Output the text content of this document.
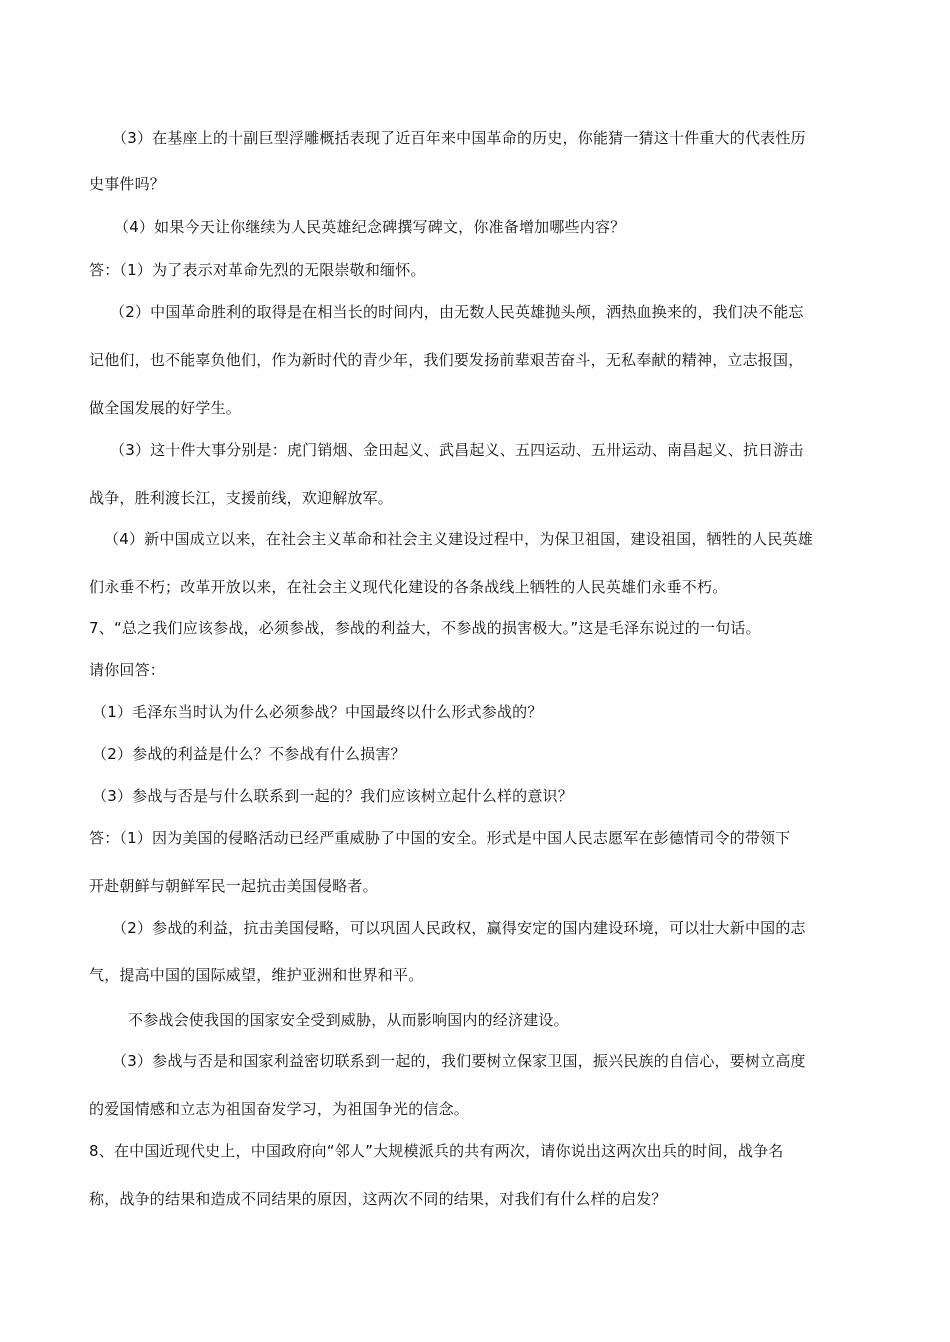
（3）在基座上的十副巨型浮雕概括表现了近百年来中国革命的历史，你能猜一猜这十件重大的代表性历
史事件吗？
（4）如果今天让你继续为人民英雄纪念碑撰写碑文，你准备增加哪些内容？
答：（1）为了表示对革命先烈的无限崇敬和缅怀。
（2）中国革命胜利的取得是在相当长的时间内，由无数人民英雄抛头颅，洒热血换来的，我们决不能忘
记他们，也不能辜负他们，作为新时代的青少年，我们要发扬前辈艰苦奋斗，无私奉献的精神，立志报国，
做全国发展的好学生。
（3）这十件大事分别是：虎门销烟、金田起义、武昌起义、五四运动、五卅运动、南昌起义、抗日游击
战争，胜利渡长江，支援前线，欢迎解放军。
（4）新中国成立以来，在社会主义革命和社会主义建设过程中，为保卫祖国，建设祖国，牺牲的人民英雄
们永垂不朽；改革开放以来，在社会主义现代化建设的各条战线上牺牲的人民英雄们永垂不朽。
7、“总之我们应该参战，必须参战，参战的利益大，不参战的损害极大。”这是毛泽东说过的一句话。
请你回答：
（1）毛泽东当时认为什么必须参战？中国最终以什么形式参战的？
（2）参战的利益是什么？不参战有什么损害？
（3）参战与否是与什么联系到一起的？我们应该树立起什么样的意识？
答：（1）因为美国的侵略活动已经严重威胁了中国的安全。形式是中国人民志愿军在彭德情司令的带领下
开赴朝鲜与朝鲜军民一起抗击美国侵略者。
（2）参战的利益，抗击美国侵略，可以巩固人民政权，赢得安定的国内建设环境，可以壮大新中国的志
气，提高中国的国际威望，维护亚洲和世界和平。
不参战会使我国的国家安全受到威胁，从而影响国内的经济建设。
（3）参战与否是和国家利益密切联系到一起的，我们要树立保家卫国，振兴民族的自信心，要树立高度
的爱国情感和立志为祖国奋发学习，为祖国争光的信念。
8、在中国近现代史上，中国政府向“邻人”大规模派兵的共有两次，请你说出这两次出兵的时间，战争名
称，战争的结果和造成不同结果的原因，这两次不同的结果，对我们有什么样的启发？
